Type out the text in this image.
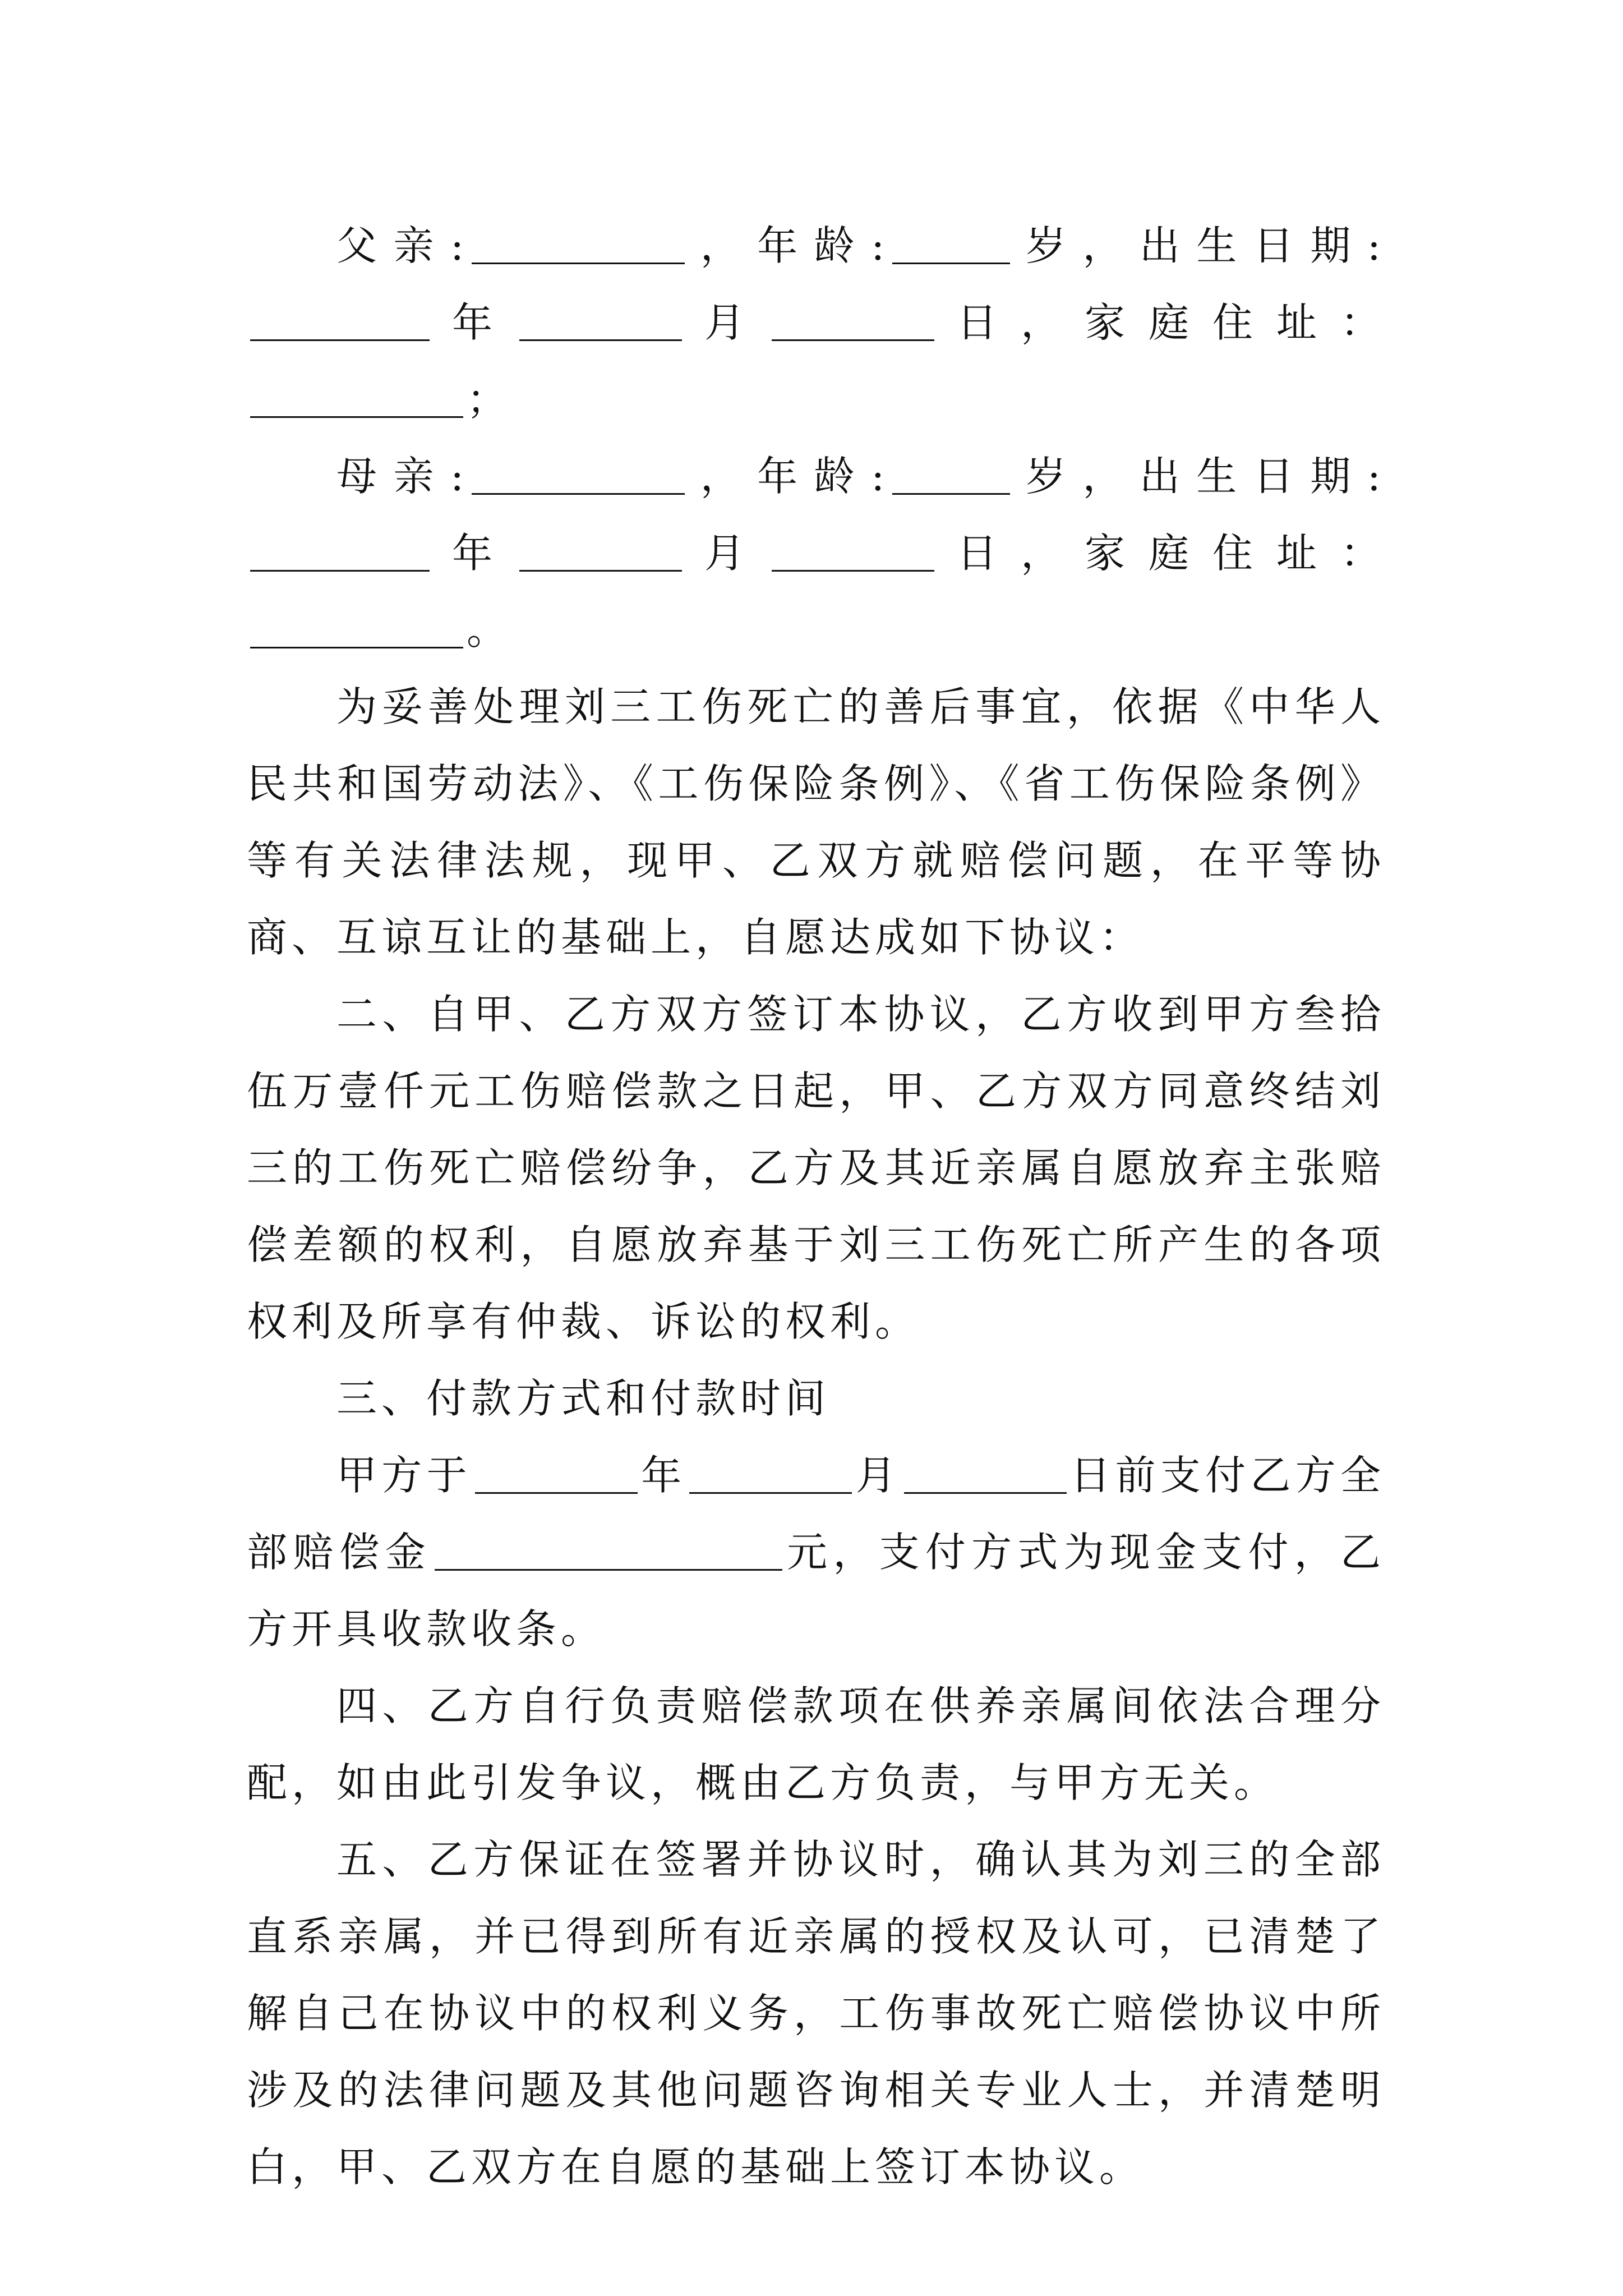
父亲:	，年龄:	岁，出生日期:年	月	日，家庭住址：；

母亲:	，年龄:	岁，出生日期:年	月	日，家庭住址：。

为妥善处理刘三工伤死亡的善后事宜，依据《中华人民共和国劳动法》、《工伤保险条例》、《省工伤保险条例》等有关法律法规，现甲、乙双方就赔偿问题，在平等协商、互谅互让的基础上，自愿达成如下协议：

二、自甲、乙方双方签订本协议，乙方收到甲方叁拾伍万壹仟元工伤赔偿款之日起，甲、乙方双方同意终结刘三的工伤死亡赔偿纷争，乙方及其近亲属自愿放弃主张赔偿差额的权利，自愿放弃基于刘三工伤死亡所产生的各项权利及所享有仲裁、诉讼的权利。

三、付款方式和付款时间

甲方于	年	月	日前支付乙方全部赔偿金	元，支付方式为现金支付，乙方开具收款收条。

四、乙方自行负责赔偿款项在供养亲属间依法合理分配，如由此引发争议，概由乙方负责，与甲方无关。

五、乙方保证在签署并协议时，确认其为刘三的全部直系亲属，并已得到所有近亲属的授权及认可，已清楚了解自己在协议中的权利义务，工伤事故死亡赔偿协议中所涉及的法律问题及其他问题咨询相关专业人士，并清楚明白，甲、乙双方在自愿的基础上签订本协议。
